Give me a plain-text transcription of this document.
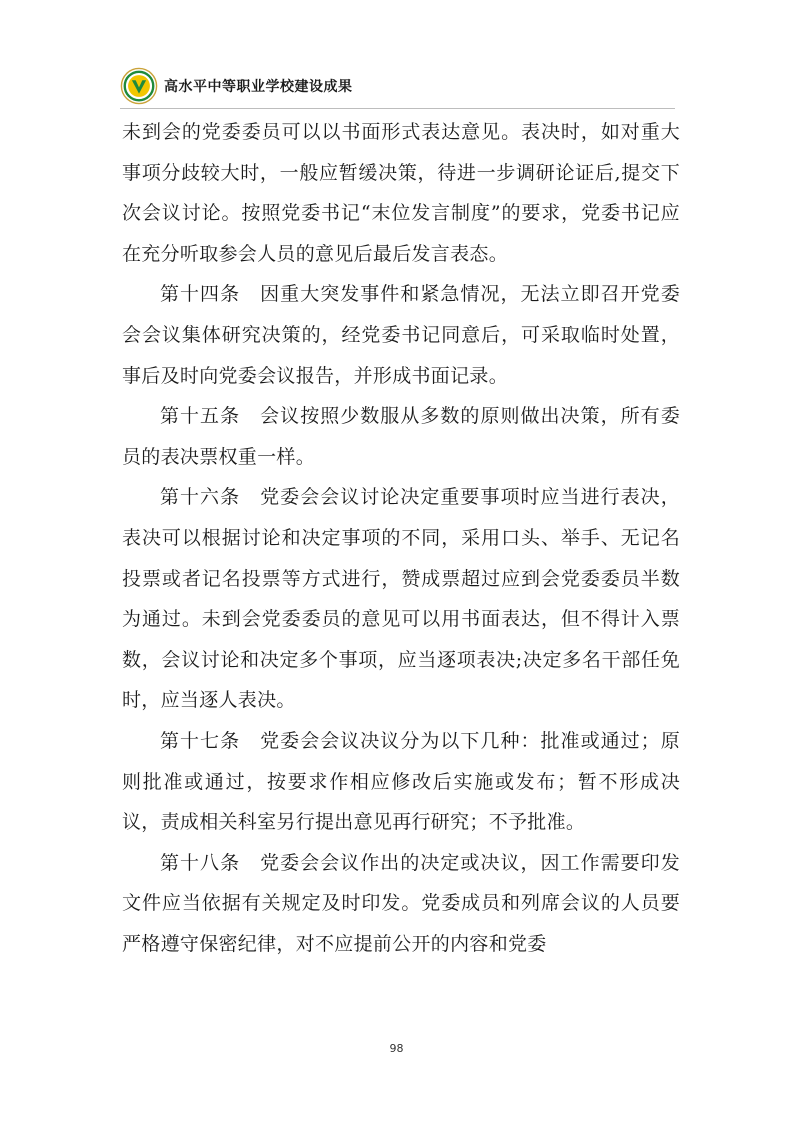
高水平中等职业学校建设成果

未到会的党委委员可以以书面形式表达意见。表决时，如对重大事项分歧较大时，一般应暂缓决策，待进一步调研论证后,提交下次会议讨论。按照党委书记“末位发言制度”的要求，党委书记应在充分听取参会人员的意见后最后发言表态。

第十四条　因重大突发事件和紧急情况，无法立即召开党委会会议集体研究决策的，经党委书记同意后，可采取临时处置，事后及时向党委会议报告，并形成书面记录。

第十五条　会议按照少数服从多数的原则做出决策，所有委员的表决票权重一样。

第十六条　党委会会议讨论决定重要事项时应当进行表决，表决可以根据讨论和决定事项的不同，采用口头、举手、无记名投票或者记名投票等方式进行，赞成票超过应到会党委委员半数为通过。未到会党委委员的意见可以用书面表达，但不得计入票数，会议讨论和决定多个事项，应当逐项表决;决定多名干部任免时，应当逐人表决。

第十七条　党委会会议决议分为以下几种：批准或通过；原则批准或通过，按要求作相应修改后实施或发布；暂不形成决议，责成相关科室另行提出意见再行研究；不予批准。

第十八条　党委会会议作出的决定或决议，因工作需要印发文件应当依据有关规定及时印发。党委成员和列席会议的人员要严格遵守保密纪律，对不应提前公开的内容和党委

98
